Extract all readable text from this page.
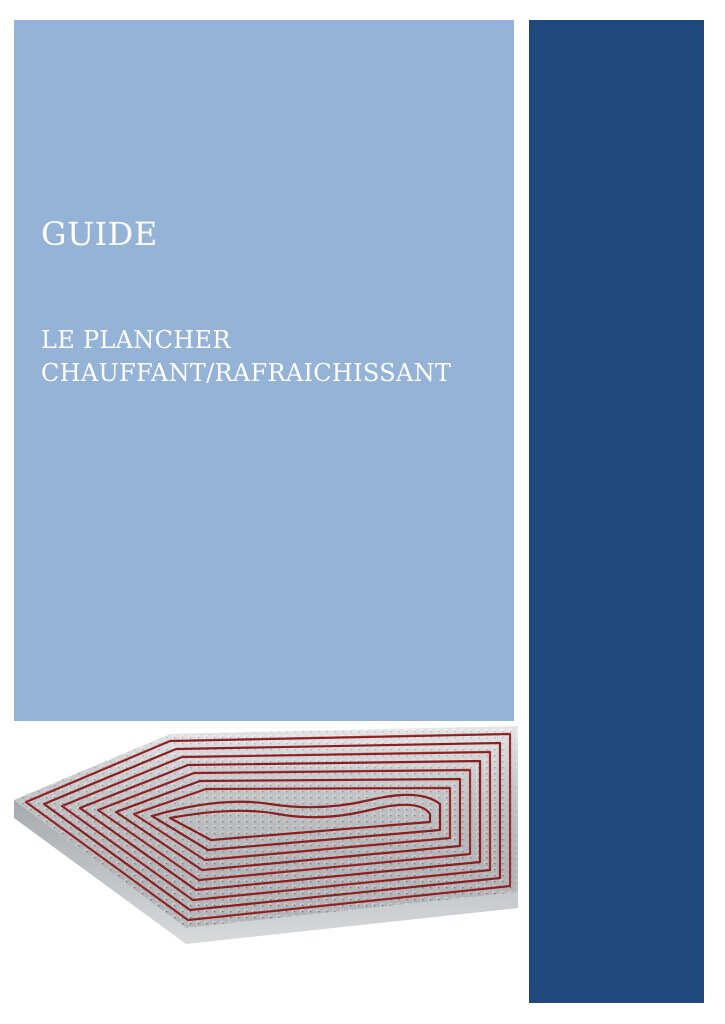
GUIDE
LE PLANCHER
CHAUFFANT/RAFRAICHISSANT
